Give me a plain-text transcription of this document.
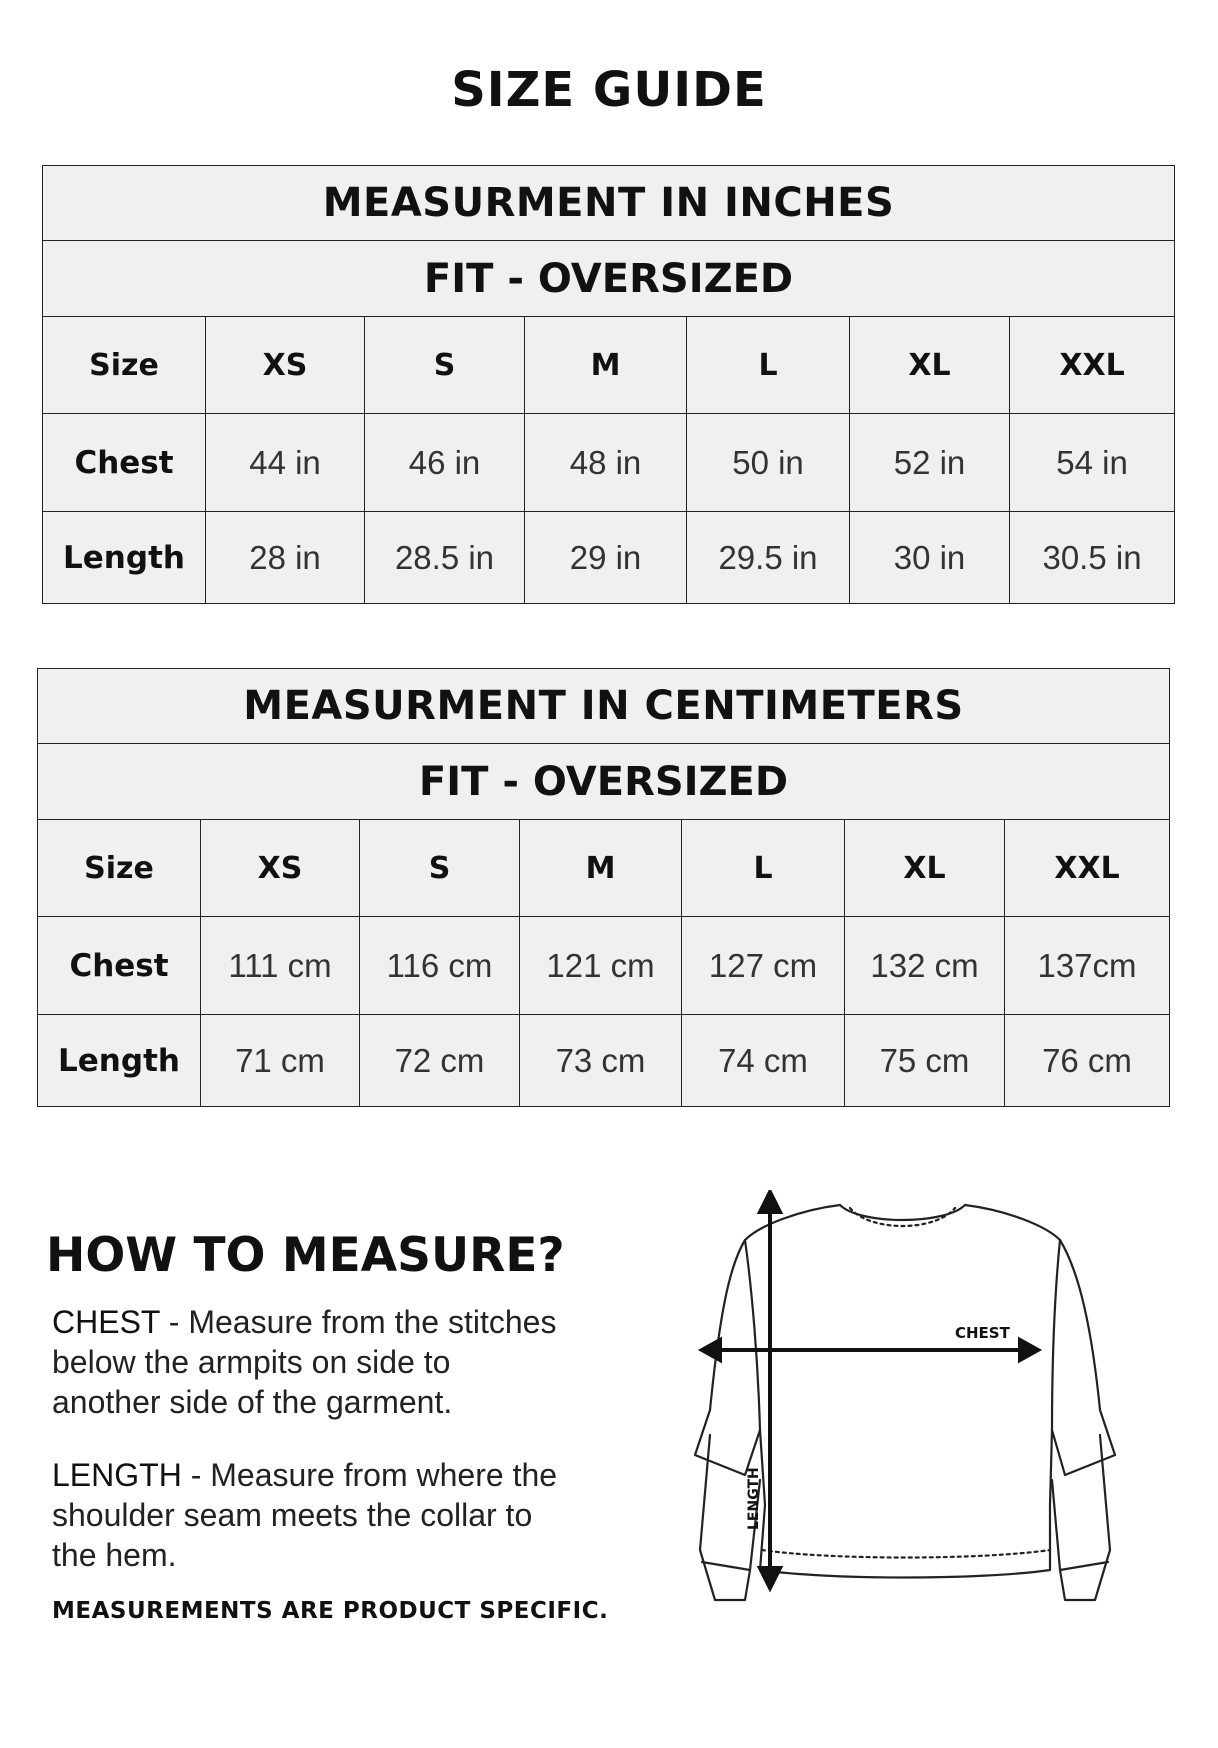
SIZE GUIDE
MEASURMENT IN INCHES						
FIT - OVERSIZED						
Size	XS	S	M	L	XL	XXL
Chest	44 in	46 in	48 in	50 in	52 in	54 in
Length	28 in	28.5 in	29 in	29.5 in	30 in	30.5 in
MEASURMENT IN CENTIMETERS						
FIT - OVERSIZED						
Size	XS	S	M	L	XL	XXL
Chest	111 cm	116 cm	121 cm	127 cm	132 cm	137cm
Length	71 cm	72 cm	73 cm	74 cm	75 cm	76 cm
HOW TO MEASURE?
CHEST - Measure from the stitches below the armpits on side to another side of the garment.
LENGTH - Measure from where the shoulder seam meets the collar to the hem.
MEASUREMENTS ARE PRODUCT SPECIFIC.
CHEST
LENGTH
